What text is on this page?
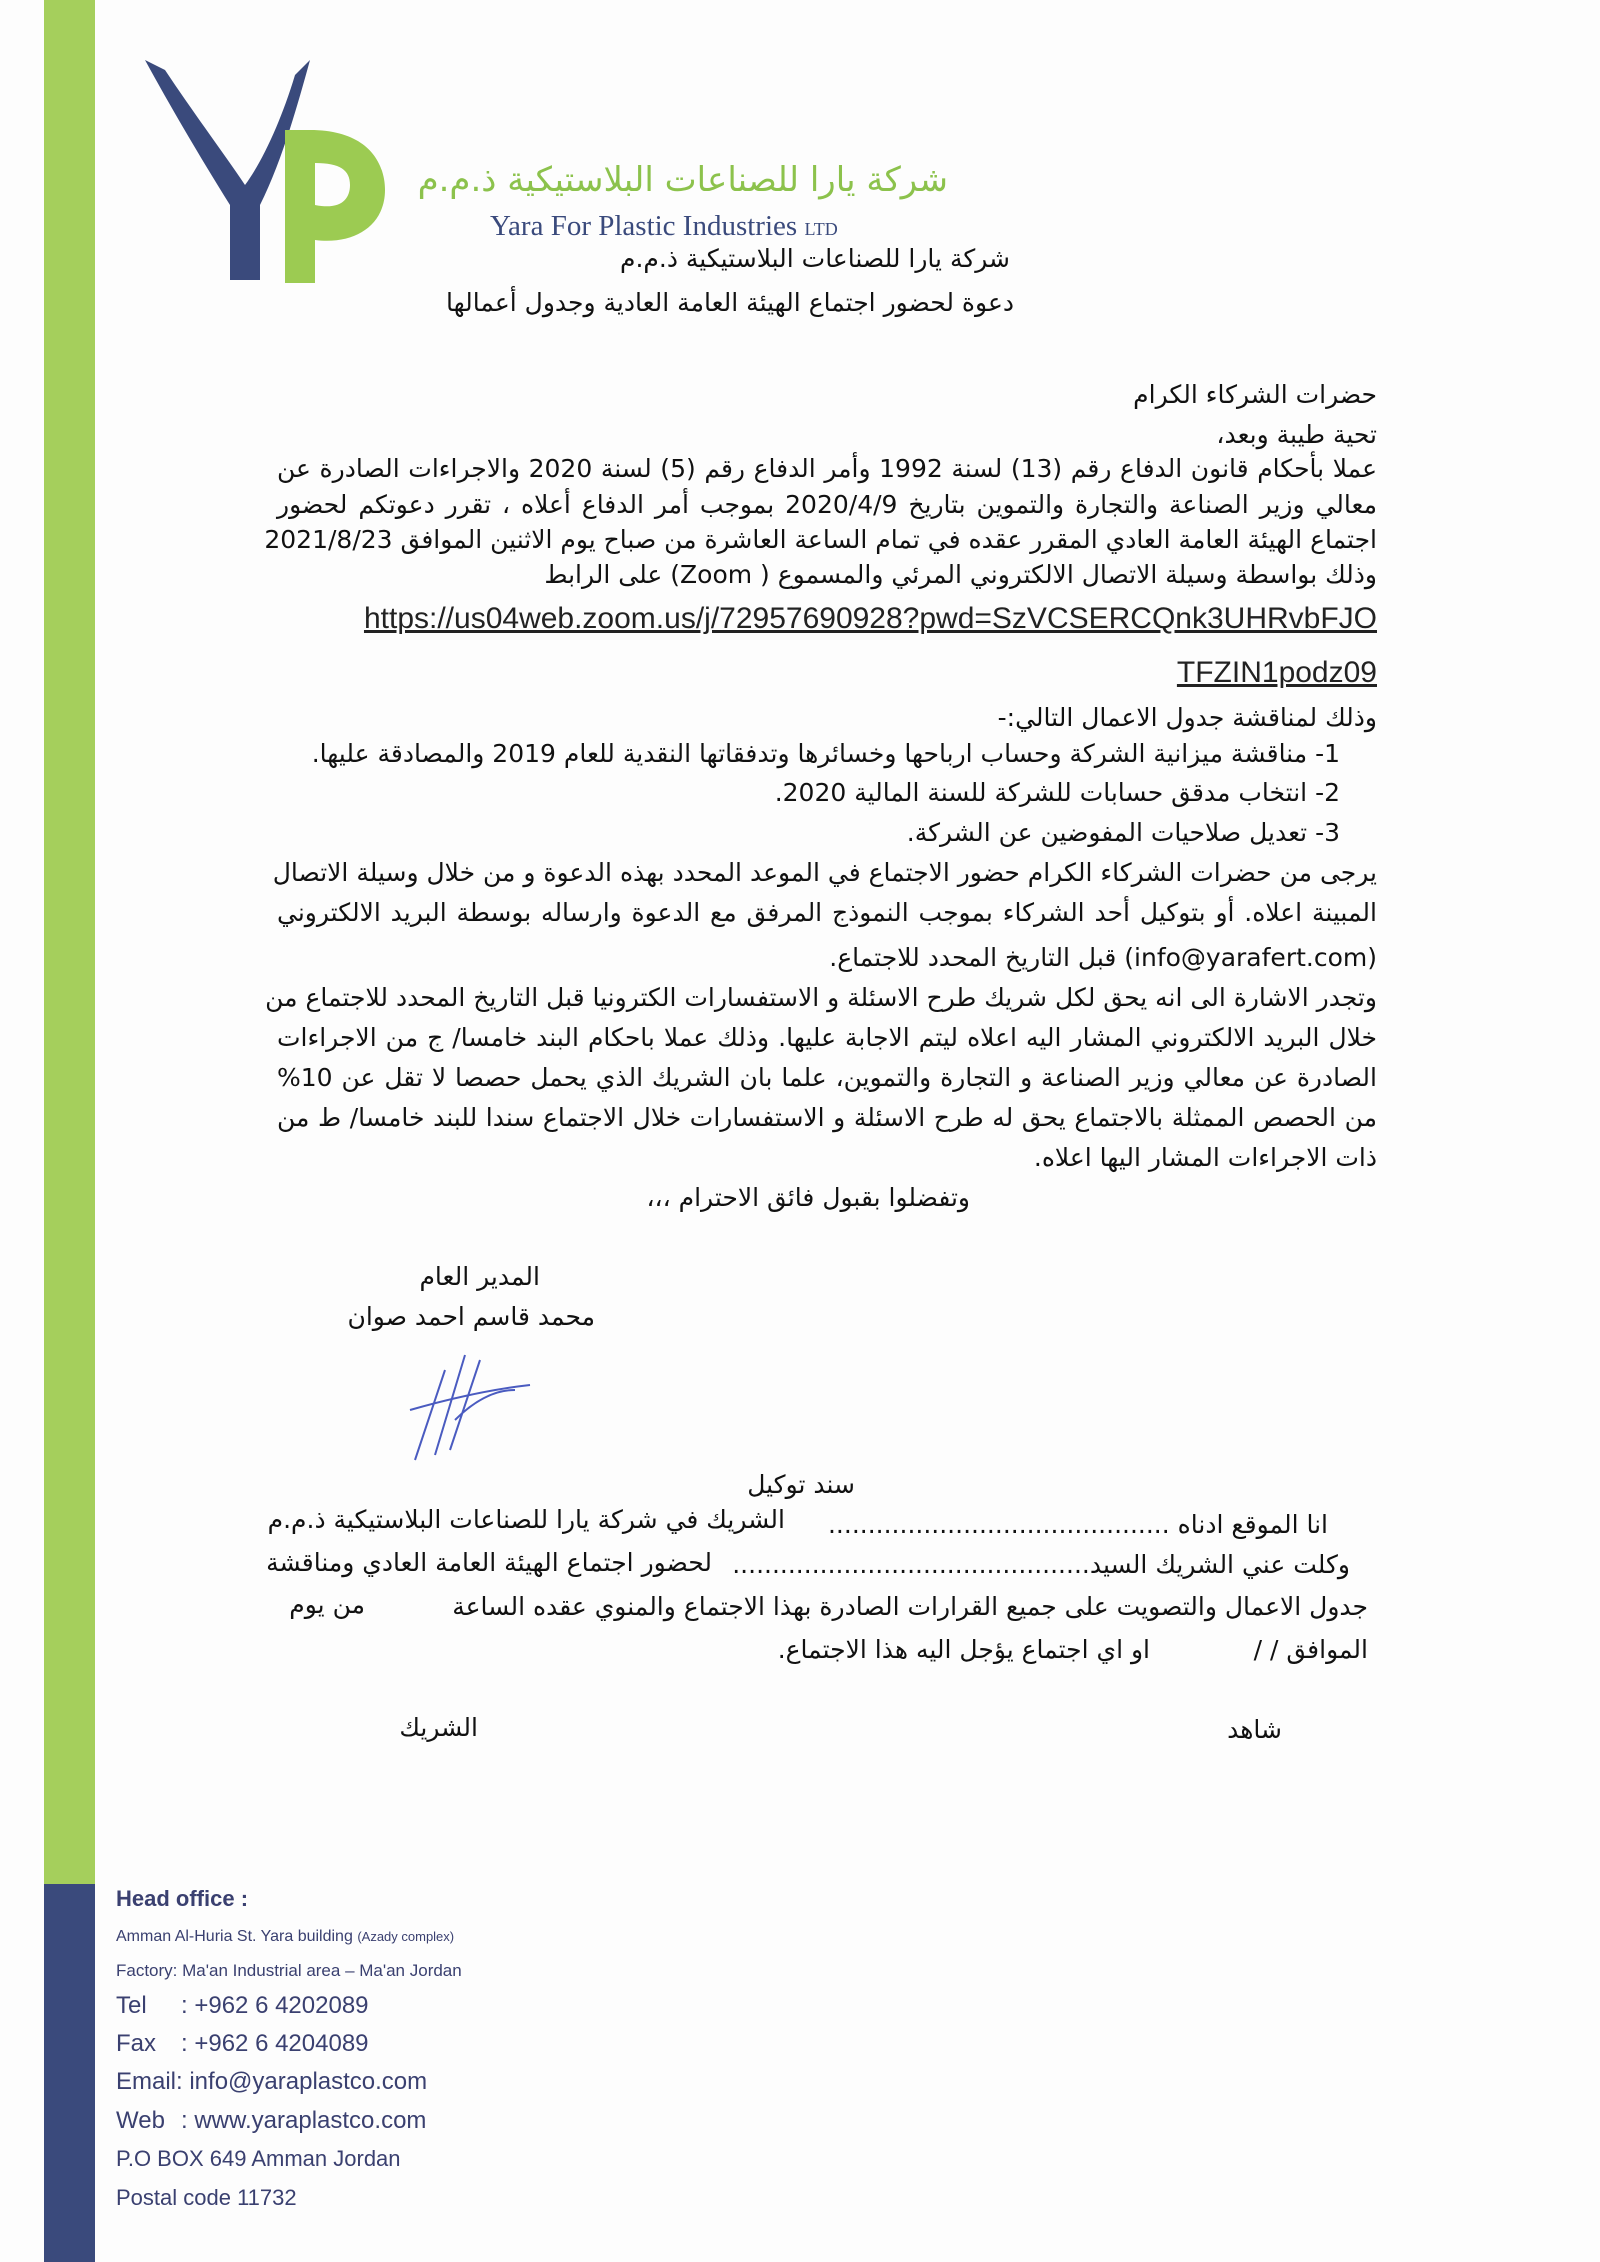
شركة يارا للصناعات البلاستيكية ذ.م.م
Yara For Plastic Industries LTD
شركة يارا للصناعات البلاستيكية ذ.م.م
دعوة لحضور اجتماع الهيئة العامة العادية وجدول أعمالها
حضرات الشركاء الكرام
تحية طيبة وبعد،
عملا بأحكام قانون الدفاع رقم (13) لسنة 1992 وأمر الدفاع رقم (5) لسنة 2020 والاجراءات الصادرة عن
معالي وزير الصناعة والتجارة والتموين بتاريخ 2020/4/9 بموجب أمر الدفاع أعلاه ، تقرر دعوتكم لحضور
اجتماع الهيئة العامة العادي المقرر عقده في تمام الساعة العاشرة من صباح يوم الاثنين الموافق 2021/8/23
وذلك بواسطة وسيلة الاتصال الالكتروني المرئي والمسموع ( Zoom) على الرابط
https://us04web.zoom.us/j/72957690928?pwd=SzVCSERCQnk3UHRvbFJO
TFZIN1podz09
وذلك لمناقشة جدول الاعمال التالي:-
1- مناقشة ميزانية الشركة وحساب ارباحها وخسائرها وتدفقاتها النقدية للعام 2019 والمصادقة عليها.
2- انتخاب مدقق حسابات للشركة للسنة المالية 2020.
3- تعديل صلاحيات المفوضين عن الشركة.
يرجى من حضرات الشركاء الكرام حضور الاجتماع في الموعد المحدد بهذه الدعوة و من خلال وسيلة الاتصال
المبينة اعلاه. أو بتوكيل أحد الشركاء بموجب النموذج المرفق مع الدعوة وارساله بوسطة البريد الالكتروني
(info@yarafert.com) قبل التاريخ المحدد للاجتماع.
وتجدر الاشارة الى انه يحق لكل شريك طرح الاسئلة و الاستفسارات الكترونيا قبل التاريخ المحدد للاجتماع من
خلال البريد الالكتروني المشار اليه اعلاه ليتم الاجابة عليها. وذلك عملا باحكام البند خامسا/ ج من الاجراءات
الصادرة عن معالي وزير الصناعة و التجارة والتموين، علما بان الشريك الذي يحمل حصصا لا تقل عن 10%
من الحصص الممثلة بالاجتماع يحق له طرح الاسئلة و الاستفسارات خلال الاجتماع سندا للبند خامسا/ ط من
ذات الاجراءات المشار اليها اعلاه.
وتفضلوا بقبول فائق الاحترام ،،،
المدير العام
محمد قاسم احمد صوان
سند توكيل
انا الموقع ادناه ...........................................
الشريك في شركة يارا للصناعات البلاستيكية ذ.م.م
وكلت عني الشريك السيد.............................................
لحضور اجتماع الهيئة العامة العادي ومناقشة
جدول الاعمال والتصويت على جميع القرارات الصادرة بهذا الاجتماع والمنوي عقده الساعة
من يوم
الموافق / /
او اي اجتماع يؤجل اليه هذا الاجتماع.
شاهد
الشريك
Head office :
Amman Al-Huria St. Yara building (Azady complex)
Factory: Ma'an Industrial area – Ma'an Jordan
Tel : +962 6 4202089
Fax : +962 6 4204089
Email: info@yaraplastco.com
Web : www.yaraplastco.com
P.O BOX 649 Amman Jordan
Postal code 11732
